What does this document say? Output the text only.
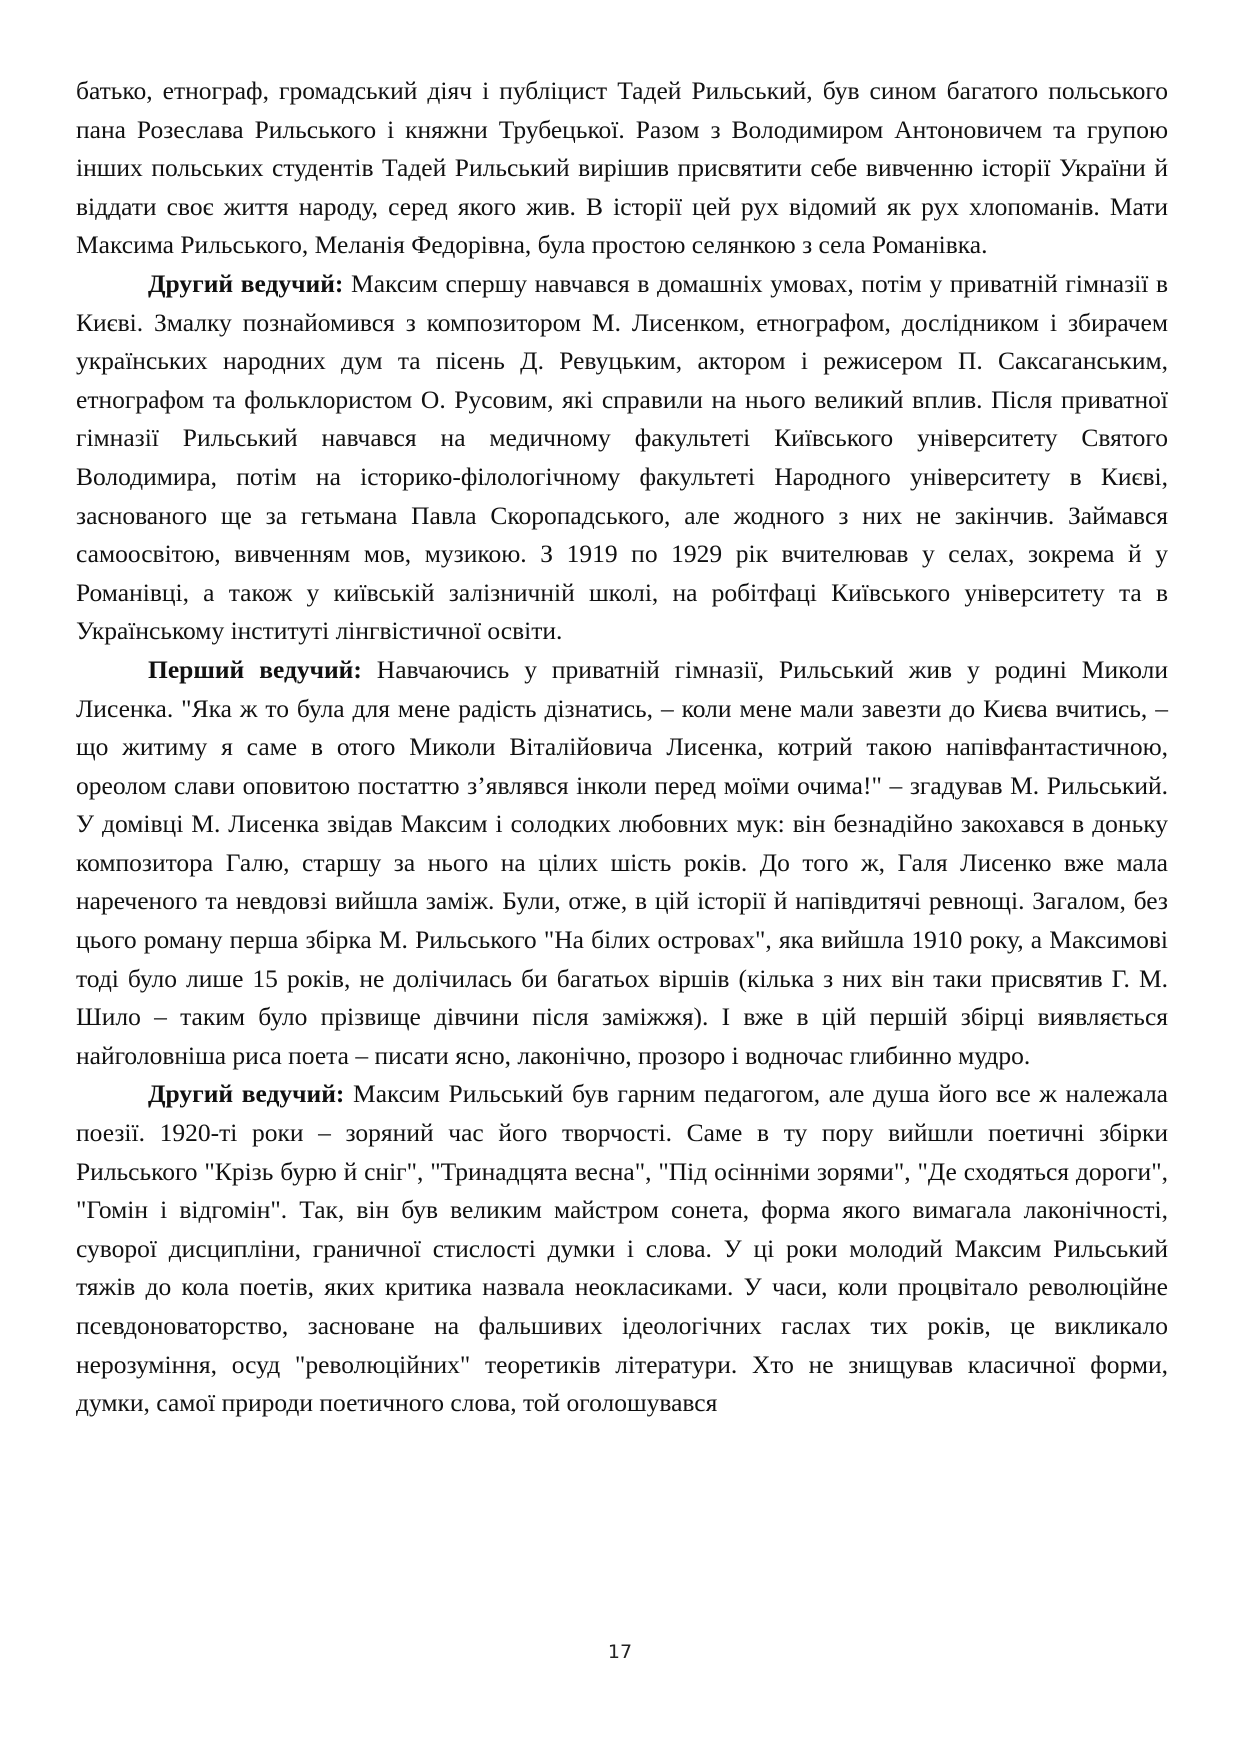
батько, етнограф, громадський діяч і публіцист Тадей Рильський, був сином багатого польського пана Розеслава Рильського і княжни Трубецької. Разом з Володимиром Антоновичем та групою інших польських студентів Тадей Рильський вирішив присвятити себе вивченню історії України й віддати своє життя народу, серед якого жив. В історії цей рух відомий як рух хлопоманів. Мати Максима Рильського, Меланія Федорівна, була простою селянкою з села Романівка.

Другий ведучий: Максим спершу навчався в домашніх умовах, потім у приватній гімназії в Києві. Змалку познайомився з композитором М. Лисенком, етнографом, дослідником і збирачем українських народних дум та пісень Д. Ревуцьким, актором і режисером П. Саксаганським, етнографом та фольклористом О. Русовим, які справили на нього великий вплив. Після приватної гімназії Рильський навчався на медичному факультеті Київського університету Святого Володимира, потім на історико-філологічному факультеті Народного університету в Києві, заснованого ще за гетьмана Павла Скоропадського, але жодного з них не закінчив. Займався самоосвітою, вивченням мов, музикою. З 1919 по 1929 рік вчителював у селах, зокрема й у Романівці, а також у київській залізничній школі, на робітфаці Київського університету та в Українському інституті лінгвістичної освіти.

Перший ведучий: Навчаючись у приватній гімназії, Рильський жив у родині Миколи Лисенка. "Яка ж то була для мене радість дізнатись, – коли мене мали завезти до Києва вчитись, – що житиму я саме в отого Миколи Віталійовича Лисенка, котрий такою напівфантастичною, ореолом слави оповитою постаттю з’являвся інколи перед моїми очима!" – згадував М. Рильський. У домівці М. Лисенка звідав Максим і солодких любовних мук: він безнадійно закохався в доньку композитора Галю, старшу за нього на цілих шість років. До того ж, Галя Лисенко вже мала нареченого та невдовзі вийшла заміж. Були, отже, в цій історії й напівдитячі ревнощі. Загалом, без цього роману перша збірка М. Рильського "На білих островах", яка вийшла 1910 року, а Максимові тоді було лише 15 років, не долічилась би багатьох віршів (кілька з них він таки присвятив Г. М. Шило – таким було прізвище дівчини після заміжжя). І вже в цій першій збірці виявляється найголовніша риса поета – писати ясно, лаконічно, прозоро і водночас глибинно мудро.

Другий ведучий: Максим Рильський був гарним педагогом, але душа його все ж належала поезії. 1920-ті роки – зоряний час його творчості. Саме в ту пору вийшли поетичні збірки Рильського "Крізь бурю й сніг", "Тринадцята весна", "Під осінніми зорями", "Де сходяться дороги", "Гомін і відгомін". Так, він був великим майстром сонета, форма якого вимагала лаконічності, суворої дисципліни, граничної стислості думки і слова. У ці роки молодий Максим Рильський тяжів до кола поетів, яких критика назвала неокласиками. У часи, коли процвітало революційне псевдоноваторство, засноване на фальшивих ідеологічних гаслах тих років, це викликало нерозуміння, осуд "революційних" теоретиків літератури. Хто не знищував класичної форми, думки, самої природи поетичного слова, той оголошувався

17
